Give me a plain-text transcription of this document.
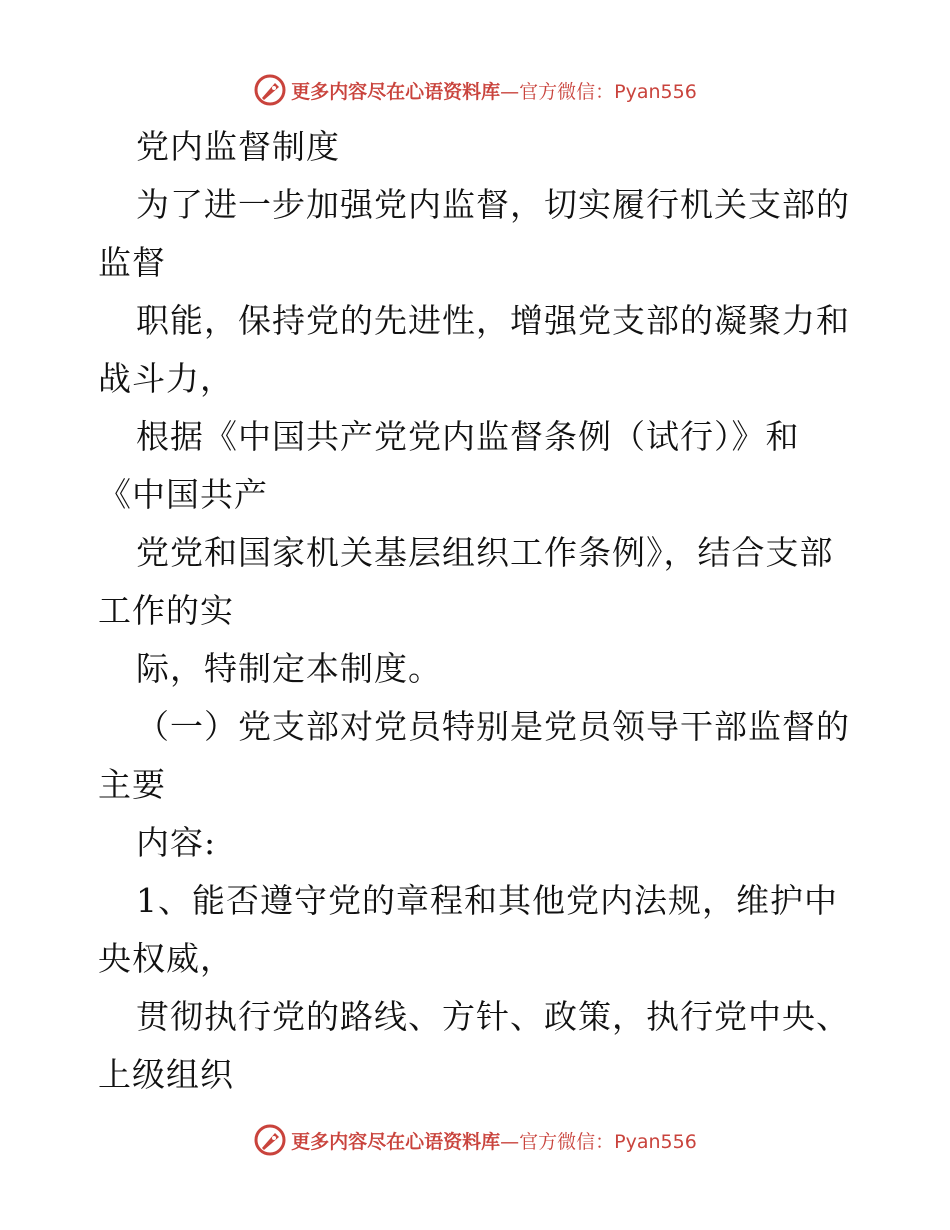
更多内容尽在心语资料库—官方微信：Pyan556
党内监督制度
为了进一步加强党内监督，切实履行机关支部的
监督
职能，保持党的先进性，增强党支部的凝聚力和
战斗力，
根据《中国共产党党内监督条例（试行）》和
《中国共产
党党和国家机关基层组织工作条例》，结合支部
工作的实
际，特制定本制度。
（一）党支部对党员特别是党员领导干部监督的
主要
内容:
1、能否遵守党的章程和其他党内法规，维护中
央权威，
贯彻执行党的路线、方针、政策，执行党中央、
上级组织
更多内容尽在心语资料库—官方微信：Pyan556
